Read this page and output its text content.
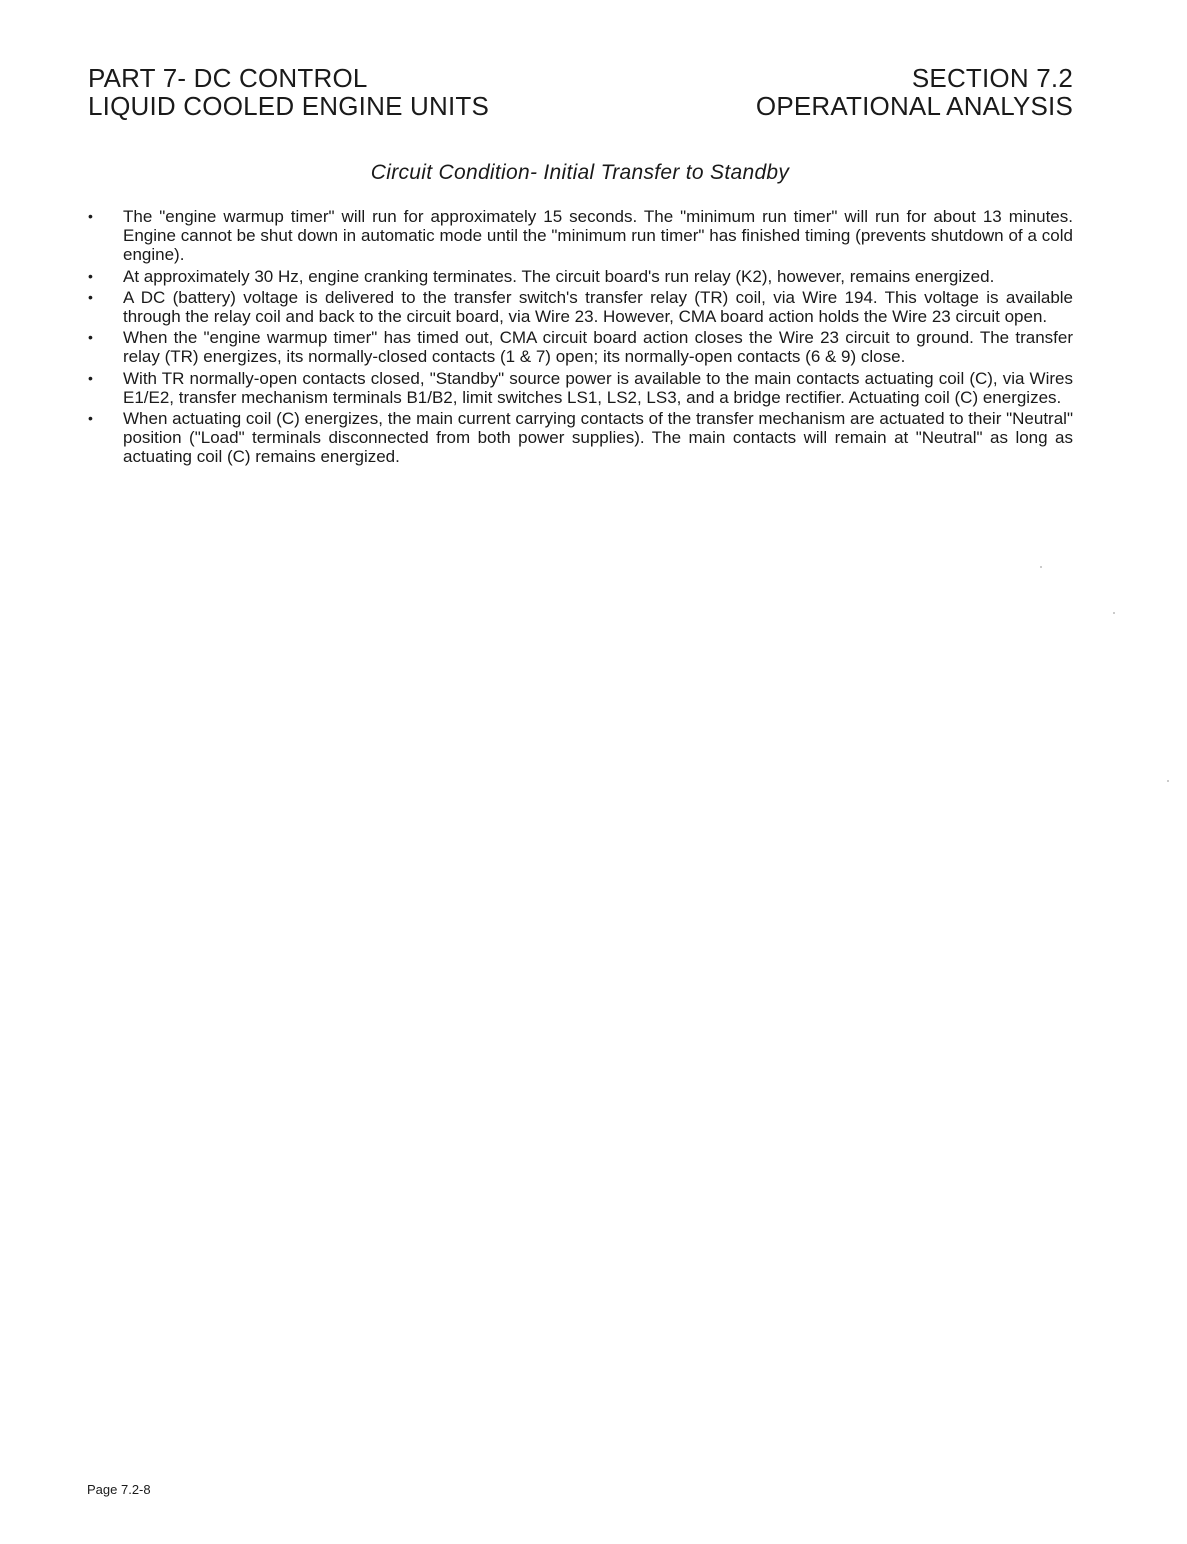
PART 7- DC CONTROL
LIQUID COOLED ENGINE UNITS
SECTION 7.2
OPERATIONAL ANALYSIS
Circuit Condition- Initial Transfer to Standby
• The "engine warmup timer" will run for approximately 15 seconds. The "minimum run timer" will run for about 13 minutes. Engine cannot be shut down in automatic mode until the "minimum run timer" has finished timing (prevents shutdown of a cold engine).
• At approximately 30 Hz, engine cranking terminates. The circuit board's run relay (K2), however, remains energized.
• A DC (battery) voltage is delivered to the transfer switch's transfer relay (TR) coil, via Wire 194. This voltage is available through the relay coil and back to the circuit board, via Wire 23. However, CMA board action holds the Wire 23 circuit open.
• When the "engine warmup timer" has timed out, CMA circuit board action closes the Wire 23 circuit to ground. The transfer relay (TR) energizes, its normally-closed contacts (1 & 7) open; its normally-open contacts (6 & 9) close.
• With TR normally-open contacts closed, "Standby" source power is available to the main contacts actuating coil (C), via Wires E1/E2, transfer mechanism terminals B1/B2, limit switches LS1, LS2, LS3, and a bridge rectifier. Actuating coil (C) energizes.
• When actuating coil (C) energizes, the main current carrying contacts of the transfer mechanism are actuated to their "Neutral" position ("Load" terminals disconnected from both power supplies). The main contacts will remain at "Neutral" as long as actuating coil (C) remains energized.
Page 7.2-8
